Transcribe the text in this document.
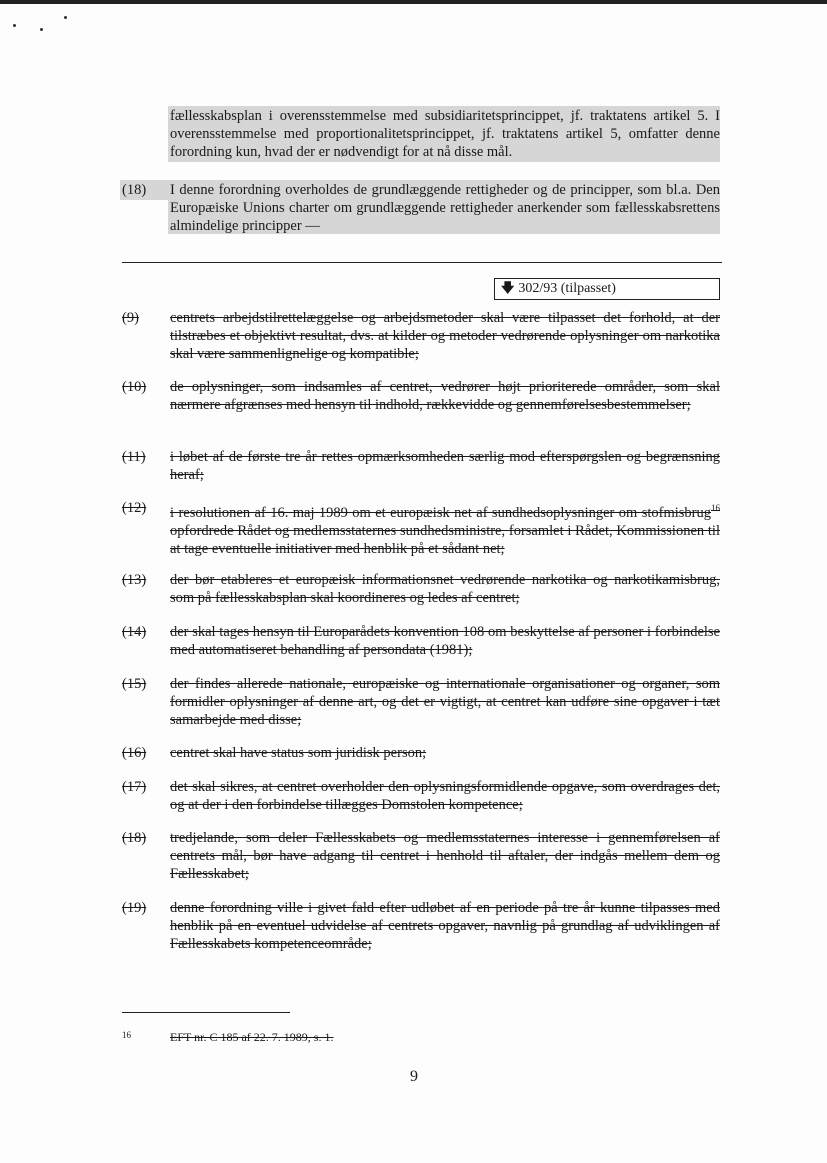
fællesskabsplan i overensstemmelse med subsidiaritetsprincippet, jf. traktatens artikel 5. I overensstemmelse med proportionalitetsprincippet, jf. traktatens artikel 5, omfatter denne forordning kun, hvad der er nødvendigt for at nå disse mål.
(18) I denne forordning overholdes de grundlæggende rettigheder og de principper, som bl.a. Den Europæiske Unions charter om grundlæggende rettigheder anerkender som fællesskabsrettens almindelige principper —
🡇 302/93 (tilpasset)
(9) centrets arbejdstilrettelæggelse og arbejdsmetoder skal være tilpasset det forhold, at der tilstræbes et objektivt resultat, dvs. at kilder og metoder vedrørende oplysninger om narkotika skal være sammenlignelige og kompatible;
(10) de oplysninger, som indsamles af centret, vedrører højt prioriterede områder, som skal nærmere afgrænses med hensyn til indhold, rækkevidde og gennemførelsesbestemmelser;
(11) i løbet af de første tre år rettes opmærksomheden særlig mod efterspørgslen og begrænsning heraf;
(12) i resolutionen af 16. maj 1989 om et europæisk net af sundhedsoplysninger om stofmisbrug$^{16}$ opfordrede Rådet og medlemsstaternes sundhedsministre, forsamlet i Rådet, Kommissionen til at tage eventuelle initiativer med henblik på et sådant net;
(13) der bør etableres et europæisk informationsnet vedrørende narkotika og narkotikamisbrug, som på fællesskabsplan skal koordineres og ledes af centret;
(14) der skal tages hensyn til Europarådets konvention 108 om beskyttelse af personer i forbindelse med automatiseret behandling af persondata (1981);
(15) der findes allerede nationale, europæiske og internationale organisationer og organer, som formidler oplysninger af denne art, og det er vigtigt, at centret kan udføre sine opgaver i tæt samarbejde med disse;
(16) centret skal have status som juridisk person;
(17) det skal sikres, at centret overholder den oplysningsformidlende opgave, som overdrages det, og at der i den forbindelse tillægges Domstolen kompetence;
(18) tredjelande, som deler Fællesskabets og medlemsstaternes interesse i gennemførelsen af centrets mål, bør have adgang til centret i henhold til aftaler, der indgås mellem dem og Fællesskabet;
(19) denne forordning ville i givet fald efter udløbet af en periode på tre år kunne tilpasses med henblik på en eventuel udvidelse af centrets opgaver, navnlig på grundlag af udviklingen af Fællesskabets kompetenceområde;
16	EFT nr. C 185 af 22. 7. 1989, s. 1.
9
